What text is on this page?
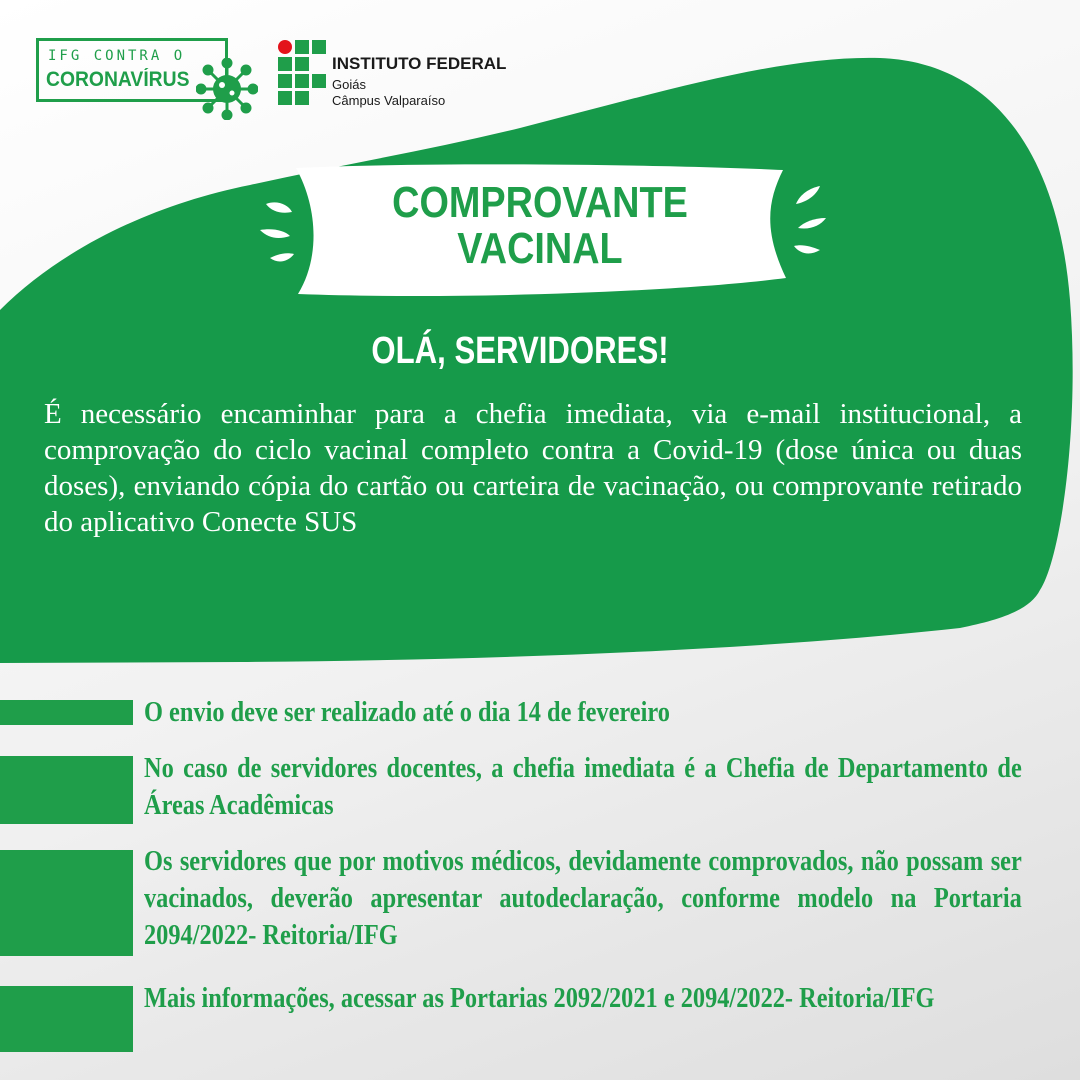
IFG CONTRA O
CORONAVÍRUS
INSTITUTO FEDERAL
Goiás
Câmpus Valparaíso
COMPROVANTE
VACINAL
OLÁ, SERVIDORES!
É necessário encaminhar para a chefia imediata, via e-mail institucional, a comprovação do ciclo vacinal completo contra a Covid-19 (dose única ou duas doses), enviando cópia do cartão ou carteira de vacinação, ou comprovante retirado do aplicativo Conecte SUS
O envio deve ser realizado até o dia 14 de fevereiro
No caso de servidores docentes, a chefia imediata é a Chefia de Departamento de Áreas Acadêmicas
Os servidores que por motivos médicos, devidamente comprovados, não possam ser vacinados, deverão apresentar autodeclaração, conforme modelo na Portaria 2094/2022- Reitoria/IFG
Mais informações, acessar as Portarias 2092/2021 e 2094/2022- Reitoria/IFG
